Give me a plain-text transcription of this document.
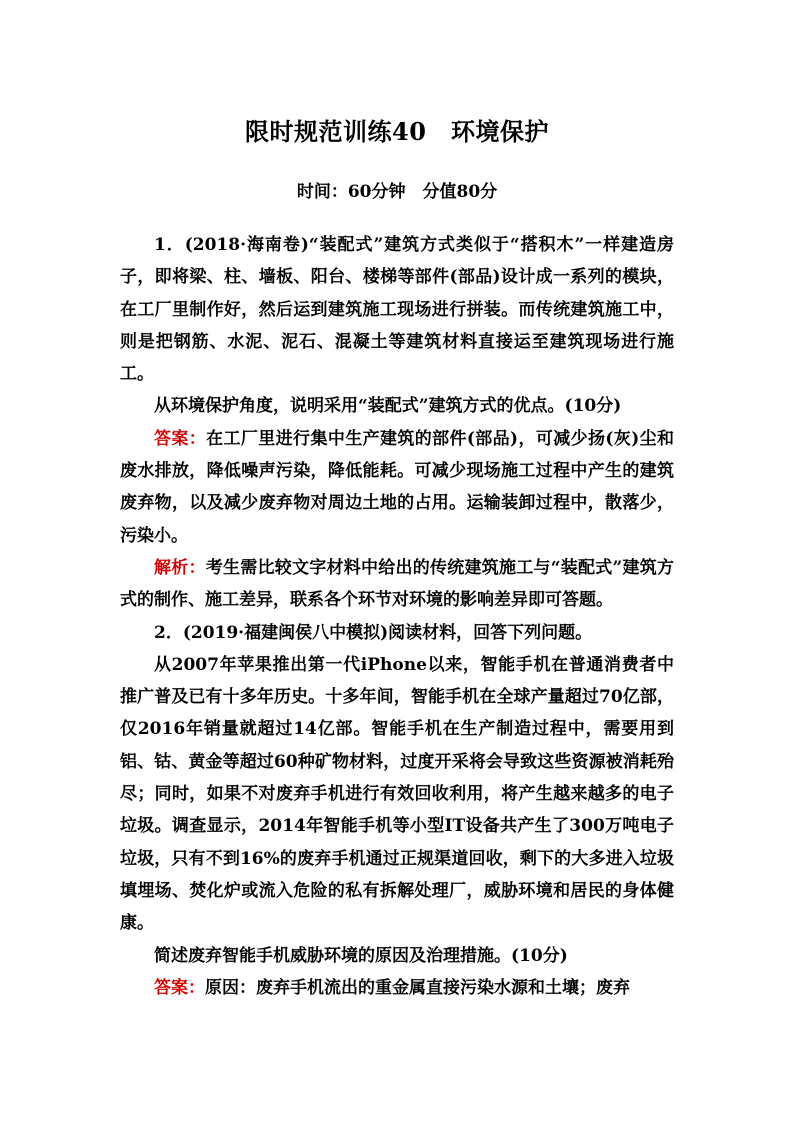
限时规范训练40　环境保护
时间：60分钟　分值80分

1．(2018·海南卷)“装配式”建筑方式类似于“搭积木”一样建造房子，即将梁、柱、墙板、阳台、楼梯等部件(部品)设计成一系列的模块，在工厂里制作好，然后运到建筑施工现场进行拼装。而传统建筑施工中，则是把钢筋、水泥、泥石、混凝土等建筑材料直接运至建筑现场进行施工。

从环境保护角度，说明采用“装配式”建筑方式的优点。(10分)

答案：在工厂里进行集中生产建筑的部件(部品)，可减少扬(灰)尘和废水排放，降低噪声污染，降低能耗。可减少现场施工过程中产生的建筑废弃物，以及减少废弃物对周边土地的占用。运输装卸过程中，散落少，污染小。

解析：考生需比较文字材料中给出的传统建筑施工与“装配式”建筑方式的制作、施工差异，联系各个环节对环境的影响差异即可答题。

2．(2019·福建闽侯八中模拟)阅读材料，回答下列问题。

从2007年苹果推出第一代iPhone以来，智能手机在普通消费者中推广普及已有十多年历史。十多年间，智能手机在全球产量超过70亿部，仅2016年销量就超过14亿部。智能手机在生产制造过程中，需要用到铝、钴、黄金等超过60种矿物材料，过度开采将会导致这些资源被消耗殆尽；同时，如果不对废弃手机进行有效回收利用，将产生越来越多的电子垃圾。调查显示，2014年智能手机等小型IT设备共产生了300万吨电子垃圾，只有不到16%的废弃手机通过正规渠道回收，剩下的大多进入垃圾填埋场、焚化炉或流入危险的私有拆解处理厂，威胁环境和居民的身体健康。

简述废弃智能手机威胁环境的原因及治理措施。(10分)

答案：原因：废弃手机流出的重金属直接污染水源和土壤；废弃
